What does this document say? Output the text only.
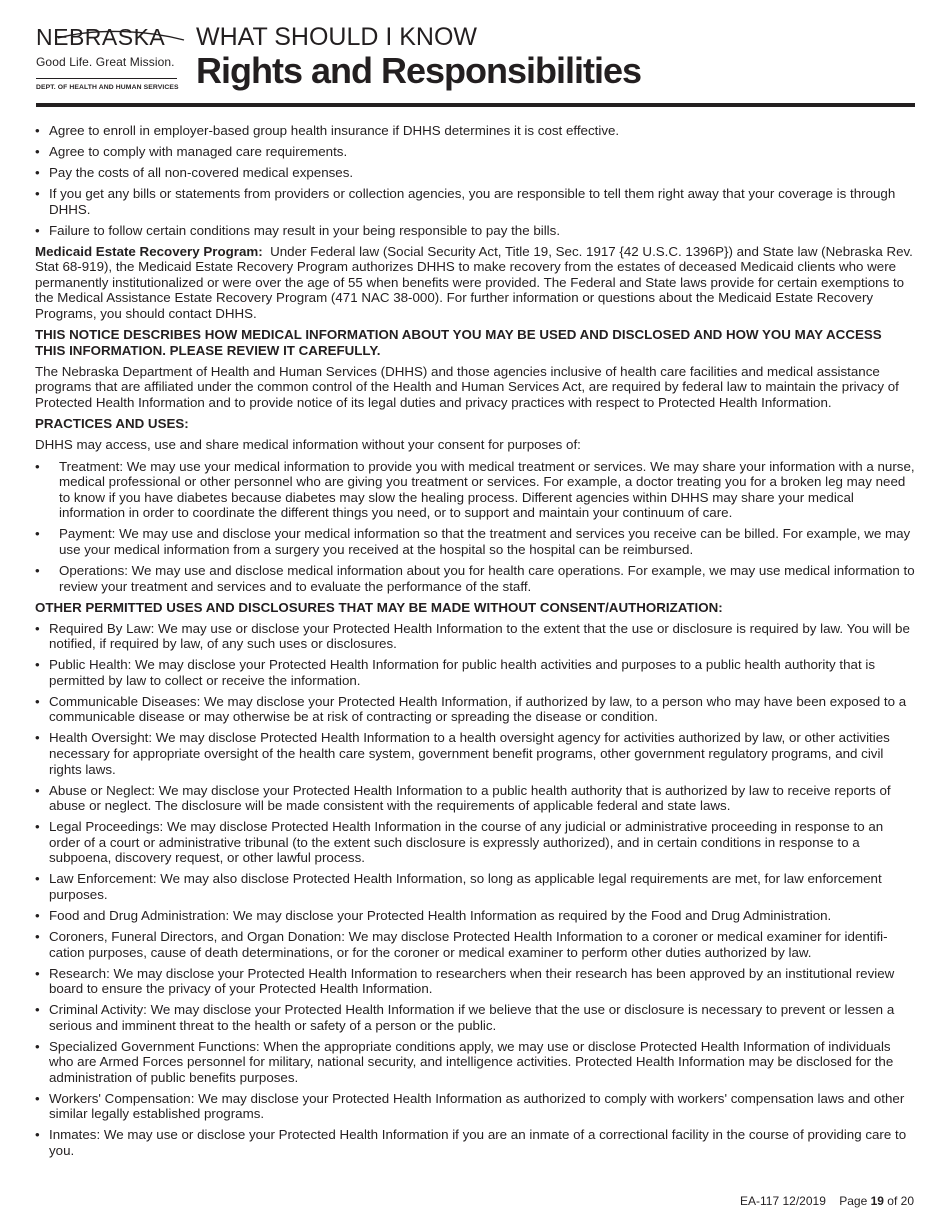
NEBRASKA
Good Life. Great Mission.
DEPT. OF HEALTH AND HUMAN SERVICES
WHAT SHOULD I KNOW
Rights and Responsibilities
• Agree to enroll in employer-based group health insurance if DHHS determines it is cost effective.
• Agree to comply with managed care requirements.
• Pay the costs of all non-covered medical expenses.
• If you get any bills or statements from providers or collection agencies, you are responsible to tell them right away that your coverage is through DHHS.
• Failure to follow certain conditions may result in your being responsible to pay the bills.

Medicaid Estate Recovery Program: Under Federal law (Social Security Act, Title 19, Sec. 1917 {42 U.S.C. 1396P}) and State law (Nebraska Rev. Stat 68-919), the Medicaid Estate Recovery Program authorizes DHHS to make recovery from the estates of deceased Medicaid clients who were permanently institutionalized or were over the age of 55 when benefits were provided. The Federal and State laws provide for certain exemptions to the Medical Assistance Estate Recovery Program (471 NAC 38-000). For further information or questions about the Medicaid Estate Recovery Programs, you should contact DHHS.

THIS NOTICE DESCRIBES HOW MEDICAL INFORMATION ABOUT YOU MAY BE USED AND DISCLOSED AND HOW YOU MAY ACCESS THIS INFORMATION. PLEASE REVIEW IT CAREFULLY.

The Nebraska Department of Health and Human Services (DHHS) and those agencies inclusive of health care facilities and medical assistance programs that are affiliated under the common control of the Health and Human Services Act, are required by federal law to maintain the privacy of Protected Health Information and to provide notice of its legal duties and privacy practices with respect to Protected Health Information.

PRACTICES AND USES:

DHHS may access, use and share medical information without your consent for purposes of:

• Treatment: We may use your medical information to provide you with medical treatment or services. We may share your information with a nurse, medical professional or other personnel who are giving you treatment or services. For example, a doctor treating you for a broken leg may need to know if you have diabetes because diabetes may slow the healing process. Different agencies within DHHS may share your medical information in order to coordinate the different things you need, or to support and maintain your continuum of care.
• Payment: We may use and disclose your medical information so that the treatment and services you receive can be billed. For example, we may use your medical information from a surgery you received at the hospital so the hospital can be reimbursed.
• Operations: We may use and disclose medical information about you for health care operations. For example, we may use medical information to review your treatment and services and to evaluate the performance of the staff.
OTHER PERMITTED USES AND DISCLOSURES THAT MAY BE MADE WITHOUT CONSENT/AUTHORIZATION:
• Required By Law: We may use or disclose your Protected Health Information to the extent that the use or disclosure is required by law. You will be notified, if required by law, of any such uses or disclosures.
• Public Health: We may disclose your Protected Health Information for public health activities and purposes to a public health authority that is permitted by law to collect or receive the information.
• Communicable Diseases: We may disclose your Protected Health Information, if authorized by law, to a person who may have been exposed to a communicable disease or may otherwise be at risk of contracting or spreading the disease or condition.
• Health Oversight: We may disclose Protected Health Information to a health oversight agency for activities authorized by law, or other activities necessary for appropriate oversight of the health care system, government benefit programs, other government regulatory programs, and civil rights laws.
• Abuse or Neglect: We may disclose your Protected Health Information to a public health authority that is authorized by law to receive reports of abuse or neglect. The disclosure will be made consistent with the requirements of applicable federal and state laws.
• Legal Proceedings: We may disclose Protected Health Information in the course of any judicial or administrative proceeding in response to an order of a court or administrative tribunal (to the extent such disclosure is expressly authorized), and in certain conditions in response to a subpoena, discovery request, or other lawful process.
• Law Enforcement: We may also disclose Protected Health Information, so long as applicable legal requirements are met, for law enforcement purposes.
• Food and Drug Administration: We may disclose your Protected Health Information as required by the Food and Drug Administration.
• Coroners, Funeral Directors, and Organ Donation: We may disclose Protected Health Information to a coroner or medical examiner for identifi-cation purposes, cause of death determinations, or for the coroner or medical examiner to perform other duties authorized by law.
• Research: We may disclose your Protected Health Information to researchers when their research has been approved by an institutional review board to ensure the privacy of your Protected Health Information.
• Criminal Activity: We may disclose your Protected Health Information if we believe that the use or disclosure is necessary to prevent or lessen a serious and imminent threat to the health or safety of a person or the public.
• Specialized Government Functions: When the appropriate conditions apply, we may use or disclose Protected Health Information of individuals who are Armed Forces personnel for military, national security, and intelligence activities. Protected Health Information may be disclosed for the administration of public benefits purposes.
• Workers' Compensation: We may disclose your Protected Health Information as authorized to comply with workers' compensation laws and other similar legally established programs.
• Inmates: We may use or disclose your Protected Health Information if you are an inmate of a correctional facility in the course of providing care to you.
EA-117 12/2019 Page 19 of 20
